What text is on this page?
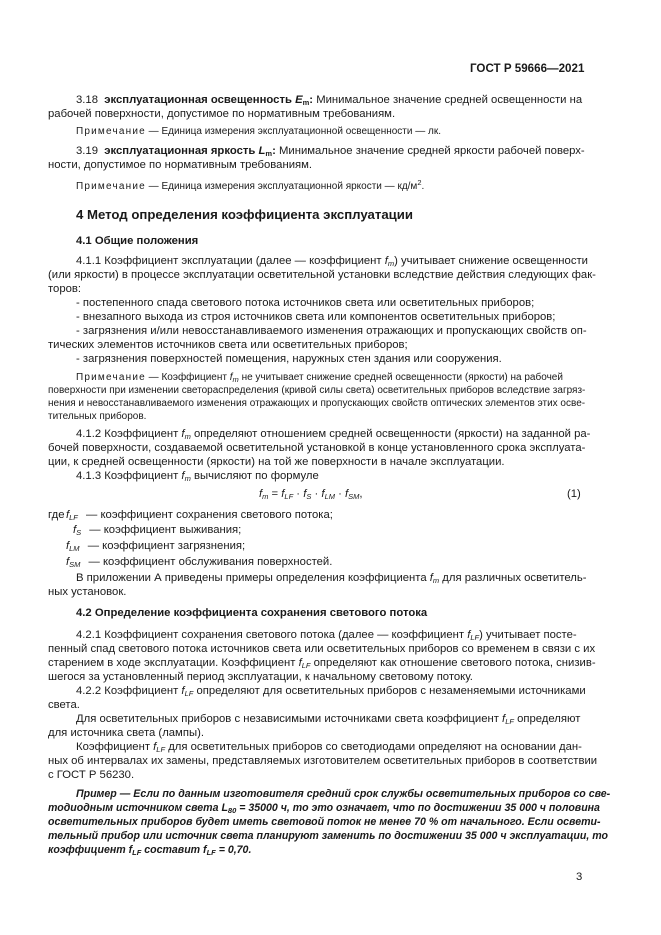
ГОСТ Р 59666—2021
3.18 эксплуатационная освещенность $E_m$: Минимальное значение средней освещенности на
рабочей поверхности, допустимое по нормативным требованиям.
Примечание — Единица измерения эксплуатационной освещенности — лк.
3.19 эксплуатационная яркость $L_m$: Минимальное значение средней яркости рабочей поверх-
ности, допустимое по нормативным требованиям.
Примечание — Единица измерения эксплуатационной яркости — $кд/м^2$.
4 Метод определения коэффициента эксплуатации
4.1 Общие положения
4.1.1 Коэффициент эксплуатации (далее — коэффициент $f_m$) учитывает снижение освещенности
(или яркости) в процессе эксплуатации осветительной установки вследствие действия следующих фак-
торов:
- постепенного спада светового потока источников света или осветительных приборов;
- внезапного выхода из строя источников света или компонентов осветительных приборов;
- загрязнения и/или невосстанавливаемого изменения отражающих и пропускающих свойств оп-
тических элементов источников света или осветительных приборов;
- загрязнения поверхностей помещения, наружных стен здания или сооружения.
Примечание — Коэффициент $f_m$ не учитывает снижение средней освещенности (яркости) на рабочей
поверхности при изменении светораспределения (кривой силы света) осветительных приборов вследствие загряз-
нения и невосстанавливаемого изменения отражающих и пропускающих свойств оптических элементов этих осве-
тительных приборов.
4.1.2 Коэффициент $f_m$ определяют отношением средней освещенности (яркости) на заданной ра-
бочей поверхности, создаваемой осветительной установкой в конце установленного срока эксплуата-
ции, к средней освещенности (яркости) на той же поверхности в начале эксплуатации.
4.1.3 Коэффициент $f_m$ вычисляют по формуле
$f_m = f_{LF} \cdot f_S \cdot f_{LM} \cdot f_{SM}$,	(1)
где $f_{LF}$ — коэффициент сохранения светового потока;
$f_S$ — коэффициент выживания;
$f_{LM}$ — коэффициент загрязнения;
$f_{SM}$ — коэффициент обслуживания поверхностей.
В приложении А приведены примеры определения коэффициента $f_m$ для различных осветитель-
ных установок.
4.2 Определение коэффициента сохранения светового потока
4.2.1 Коэффициент сохранения светового потока (далее — коэффициент $f_{LF}$) учитывает посте-
пенный спад светового потока источников света или осветительных приборов со временем в связи с их
старением в ходе эксплуатации. Коэффициент $f_{LF}$ определяют как отношение светового потока, снизив-
шегося за установленный период эксплуатации, к начальному световому потоку.
4.2.2 Коэффициент $f_{LF}$ определяют для осветительных приборов с незаменяемыми источниками
света.
Для осветительных приборов с независимыми источниками света коэффициент $f_{LF}$ определяют
для источника света (лампы).
Коэффициент $f_{LF}$ для осветительных приборов со светодиодами определяют на основании дан-
ных об интервалах их замены, представляемых изготовителем осветительных приборов в соответствии
с ГОСТ Р 56230.
Пример — Если по данным изготовителя средний срок службы осветительных приборов со све-
тодиодным источником света $L_{80} = 35000$ ч, то это означает, что по достижении 35 000 ч половина
осветительных приборов будет иметь световой поток не менее 70 % от начального. Если освети-
тельный прибор или источник света планируют заменить по достижении 35 000 ч эксплуатации, то
коэффициент $f_{LF}$ составит $f_{LF} = 0,70$.
3
